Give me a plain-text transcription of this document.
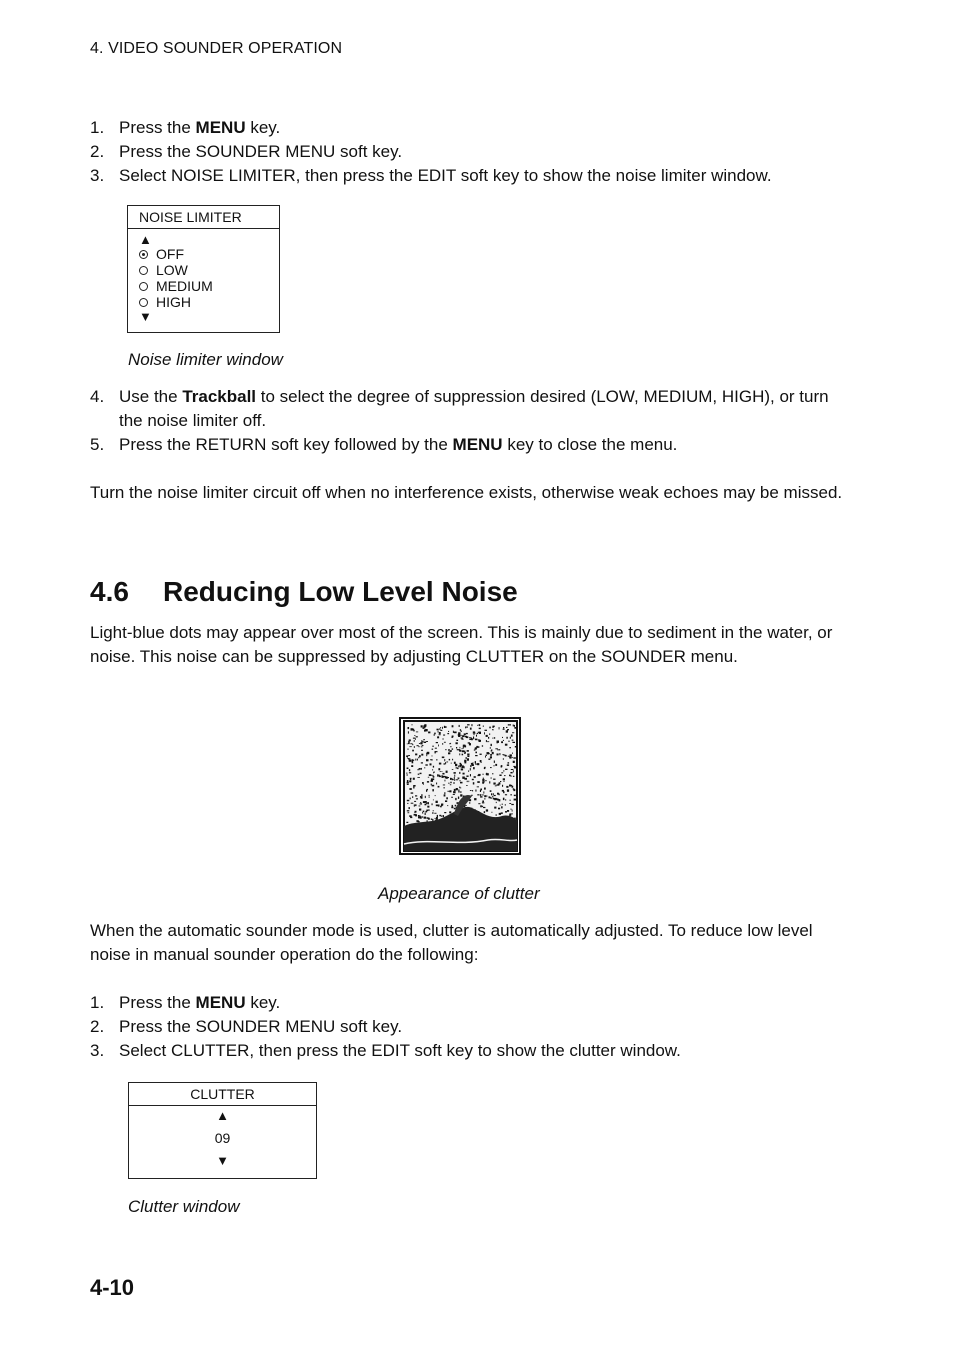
4. VIDEO SOUNDER OPERATION
1. Press the MENU key.
2. Press the SOUNDER MENU soft key.
3. Select NOISE LIMITER, then press the EDIT soft key to show the noise limiter window.
NOISE LIMITER
▲
OFF
LOW
MEDIUM
HIGH
▼
Noise limiter window
4. Use the Trackball to select the degree of suppression desired (LOW, MEDIUM, HIGH), or turn the noise limiter off.
5. Press the RETURN soft key followed by the MENU key to close the menu.

Turn the noise limiter circuit off when no interference exists, otherwise weak echoes may be missed.

4.6 Reducing Low Level Noise

Light-blue dots may appear over most of the screen. This is mainly due to sediment in the water, or noise. This noise can be suppressed by adjusting CLUTTER on the SOUNDER menu.

Appearance of clutter

When the automatic sounder mode is used, clutter is automatically adjusted. To reduce low level noise in manual sounder operation do the following:

1. Press the MENU key.
2. Press the SOUNDER MENU soft key.
3. Select CLUTTER, then press the EDIT soft key to show the clutter window.
CLUTTER
▲
09
▼
Clutter window
4-10
